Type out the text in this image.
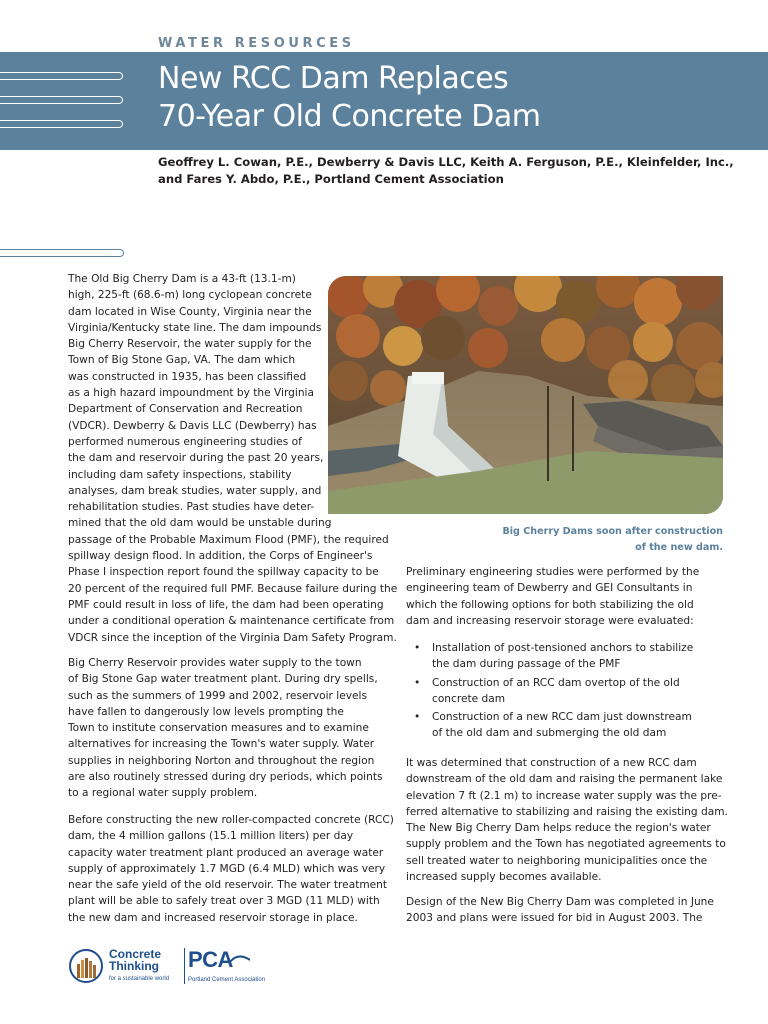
WATER RESOURCES
New RCC Dam Replaces
70-Year Old Concrete Dam
Geoffrey L. Cowan, P.E., Dewberry & Davis LLC, Keith A. Ferguson, P.E., Kleinfelder, Inc.,
and Fares Y. Abdo, P.E., Portland Cement Association
Big Cherry Dams soon after construction
of the new dam.
The Old Big Cherry Dam is a 43-ft (13.1-m)
high, 225-ft (68.6-m) long cyclopean concrete
dam located in Wise County, Virginia near the
Virginia/Kentucky state line. The dam impounds
Big Cherry Reservoir, the water supply for the
Town of Big Stone Gap, VA. The dam which
was constructed in 1935, has been classified
as a high hazard impoundment by the Virginia
Department of Conservation and Recreation
(VDCR). Dewberry & Davis LLC (Dewberry) has
performed numerous engineering studies of
the dam and reservoir during the past 20 years,
including dam safety inspections, stability
analyses, dam break studies, water supply, and
rehabilitation studies. Past studies have deter-
mined that the old dam would be unstable during
passage of the Probable Maximum Flood (PMF), the required
spillway design flood. In addition, the Corps of Engineer's
Phase I inspection report found the spillway capacity to be
20 percent of the required full PMF. Because failure during the
PMF could result in loss of life, the dam had been operating
under a conditional operation & maintenance certificate from
VDCR since the inception of the Virginia Dam Safety Program.
Big Cherry Reservoir provides water supply to the town
of Big Stone Gap water treatment plant. During dry spells,
such as the summers of 1999 and 2002, reservoir levels
have fallen to dangerously low levels prompting the
Town to institute conservation measures and to examine
alternatives for increasing the Town's water supply. Water
supplies in neighboring Norton and throughout the region
are also routinely stressed during dry periods, which points
to a regional water supply problem.
Before constructing the new roller-compacted concrete (RCC)
dam, the 4 million gallons (15.1 million liters) per day
capacity water treatment plant produced an average water
supply of approximately 1.7 MGD (6.4 MLD) which was very
near the safe yield of the old reservoir. The water treatment
plant will be able to safely treat over 3 MGD (11 MLD) with
the new dam and increased reservoir storage in place.
Preliminary engineering studies were performed by the
engineering team of Dewberry and GEI Consultants in
which the following options for both stabilizing the old
dam and increasing reservoir storage were evaluated:
• Installation of post-tensioned anchors to stabilize
the dam during passage of the PMF
• Construction of an RCC dam overtop of the old
concrete dam
• Construction of a new RCC dam just downstream
of the old dam and submerging the old dam
It was determined that construction of a new RCC dam
downstream of the old dam and raising the permanent lake
elevation 7 ft (2.1 m) to increase water supply was the pre-
ferred alternative to stabilizing and raising the existing dam.
The New Big Cherry Dam helps reduce the region's water
supply problem and the Town has negotiated agreements to
sell treated water to neighboring municipalities once the
increased supply becomes available.
Design of the New Big Cherry Dam was completed in June
2003 and plans were issued for bid in August 2003. The
Concrete
Thinking
for a sustainable world
PCA
Portland Cement Association
